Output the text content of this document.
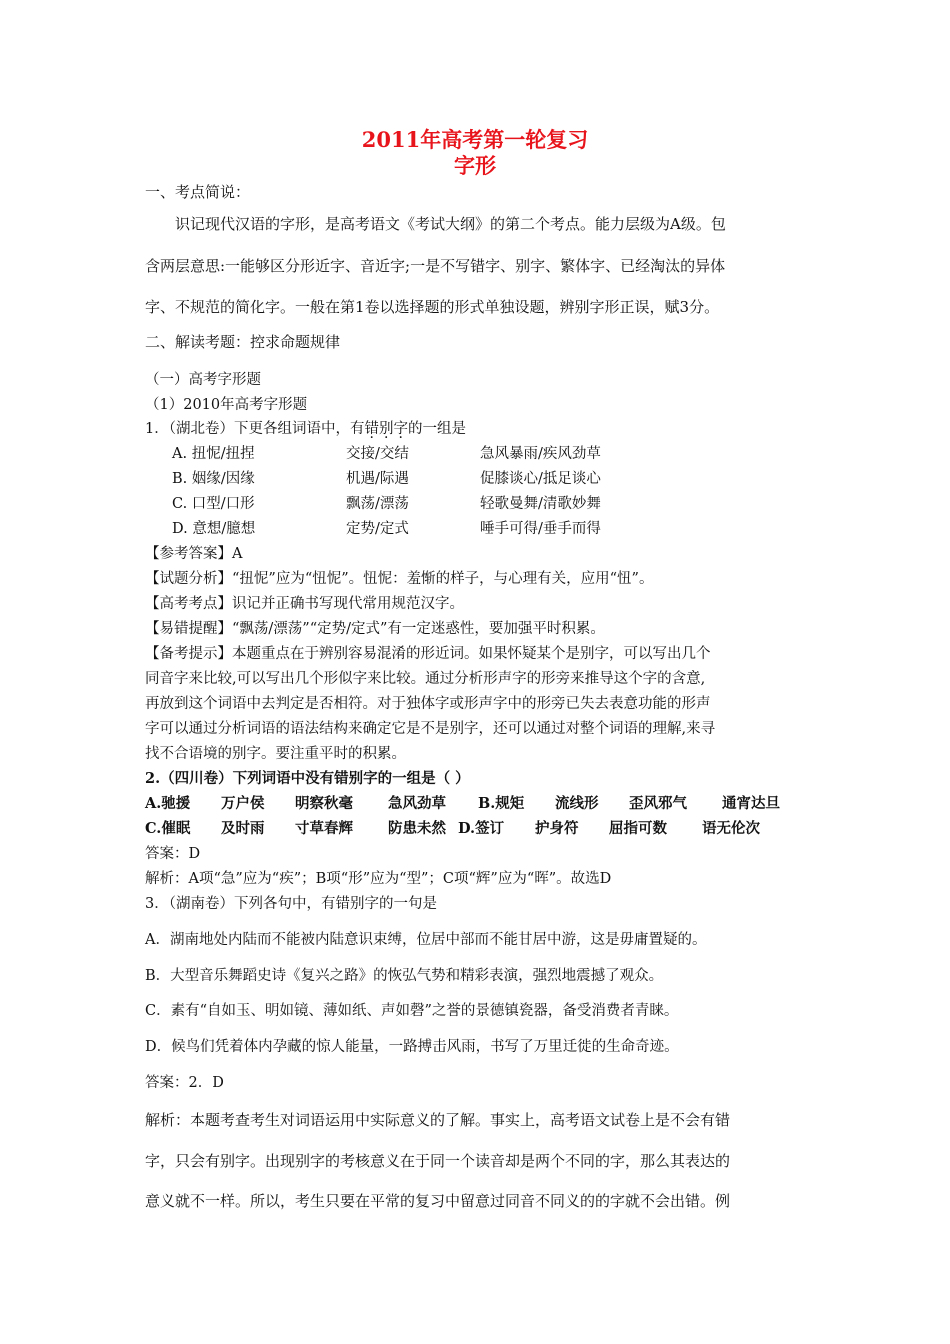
2011年高考第一轮复习
字形
一、考点简说：
识记现代汉语的字形，是高考语文《考试大纲》的第二个考点。能力层级为A级。包
含两层意思:一能够区分形近字、音近字;一是不写错字、别字、繁体字、已经淘汰的异体
字、不规范的简化字。一般在第1卷以选择题的形式单独设题，辨别字形正误，赋3分。
二、解读考题：控求命题规律
（一）高考字形题
（1）2010年高考字形题
1．（湖北卷）下更各组词语中，有错别字的一组是
A. 扭怩/扭捏	交接/交结	急风暴雨/疾风劲草
B. 姻缘/因缘	机遇/际遇	促膝谈心/抵足谈心
C. 口型/口形	飘荡/漂荡	轻歌曼舞/清歌妙舞
D. 意想/臆想	定势/定式	唾手可得/垂手而得
【参考答案】A
【试题分析】“扭怩”应为“忸怩”。忸怩：羞惭的样子，与心理有关，应用“忸”。
【高考考点】识记并正确书写现代常用规范汉字。
【易错提醒】“飘荡/漂荡”“定势/定式”有一定迷惑性，要加强平时积累。
【备考提示】本题重点在于辨别容易混淆的形近词。如果怀疑某个是别字，可以写出几个
同音字来比较,可以写出几个形似字来比较。通过分析形声字的形旁来推导这个字的含意,
再放到这个词语中去判定是否相符。对于独体字或形声字中的形旁已失去表意功能的形声
字可以通过分析词语的语法结构来确定它是不是别字，还可以通过对整个词语的理解,来寻
找不合语境的别字。要注重平时的积累。
2.（四川卷）下列词语中没有错别字的一组是（ ）
A.驰援 万户侯 明察秋毫 急风劲草 B.规矩 流线形 歪风邪气 通宵达旦
C.催眠 及时雨 寸草春辉 防患未然 D.签订 护身符 屈指可数 语无伦次
答案：D
解析：A项“急”应为“疾”；B项“形”应为“型”；C项“辉”应为“晖”。故选D
3．（湖南卷）下列各句中，有错别字的一句是
A．湖南地处内陆而不能被内陆意识束缚，位居中部而不能甘居中游，这是毋庸置疑的。
B．大型音乐舞蹈史诗《复兴之路》的恢弘气势和精彩表演，强烈地震撼了观众。
C．素有“自如玉、明如镜、薄如纸、声如磬”之誉的景德镇瓷器，备受消费者青睐。
D．候鸟们凭着体内孕藏的惊人能量，一路搏击风雨，书写了万里迁徙的生命奇迹。
答案：2．D
解析：本题考查考生对词语运用中实际意义的了解。事实上，高考语文试卷上是不会有错
字，只会有别字。出现别字的考核意义在于同一个读音却是两个不同的字，那么其表达的
意义就不一样。所以，考生只要在平常的复习中留意过同音不同义的的字就不会出错。例
